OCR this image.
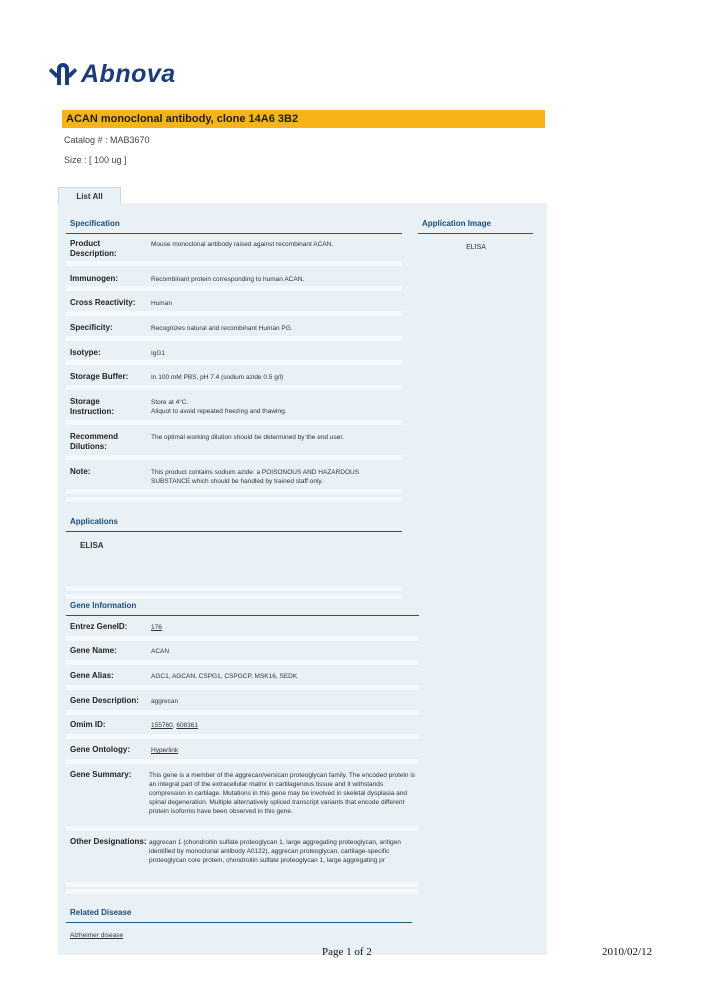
Abnova
ACAN monoclonal antibody, clone 14A6 3B2
Catalog # : MAB3670
Size : [ 100 ug ]
List All
Specification	Application Image
ELISA
Product Description:
Mouse monoclonal antibody raised against recombinant ACAN.
Immunogen:	Recombinant protein corresponding to human ACAN.
Cross Reactivity: Human
Specificity:	Recognizes natural and recombinant Human PG.
Isotype:	IgG1
Storage Buffer:	In 100 mM PBS, pH 7.4 (sodium azide 0.5 g/l)
Storage Instruction:
Store at 4°C.
Aliquot to avoid repeated freezing and thawing.
Recommend Dilutions:
The optimal working dilution should be determined by the end user.
Note:	This product contains sodium azide: a POISONOUS AND HAZARDOUS SUBSTANCE which should be handled by trained staff only.
Applications
ELISA
Gene Information
Entrez GeneID:	176
Gene Name:	ACAN
Gene Alias:	AGC1, AGCAN, CSPG1, CSPGCP, MSK16, SEDK
Gene Description: aggrecan
Omim ID:	155760, 608361
Gene Ontology:	Hyperlink
Gene Summary:	This gene is a member of the aggrecan/versican proteoglycan family. The encoded protein is an integral part of the extracellular matrix in cartilagenous tissue and it withstands compression in cartilage. Mutations in this gene may be involved in skeletal dysplasia and spinal degeneration. Multiple alternatively spliced transcript variants that encode different protein isoforms have been observed in this gene.
Other Designations: aggrecan 1 (chondroitin sulfate proteoglycan 1, large aggregating proteoglycan, antigen identified by monoclonal antibody A0122), aggrecan proteoglycan, cartilage-specific proteoglycan core protein, chondroitin sulfate proteoglycan 1, large aggregating pr
Related Disease
Alzheimer disease
Page 1 of 2	2010/02/12
